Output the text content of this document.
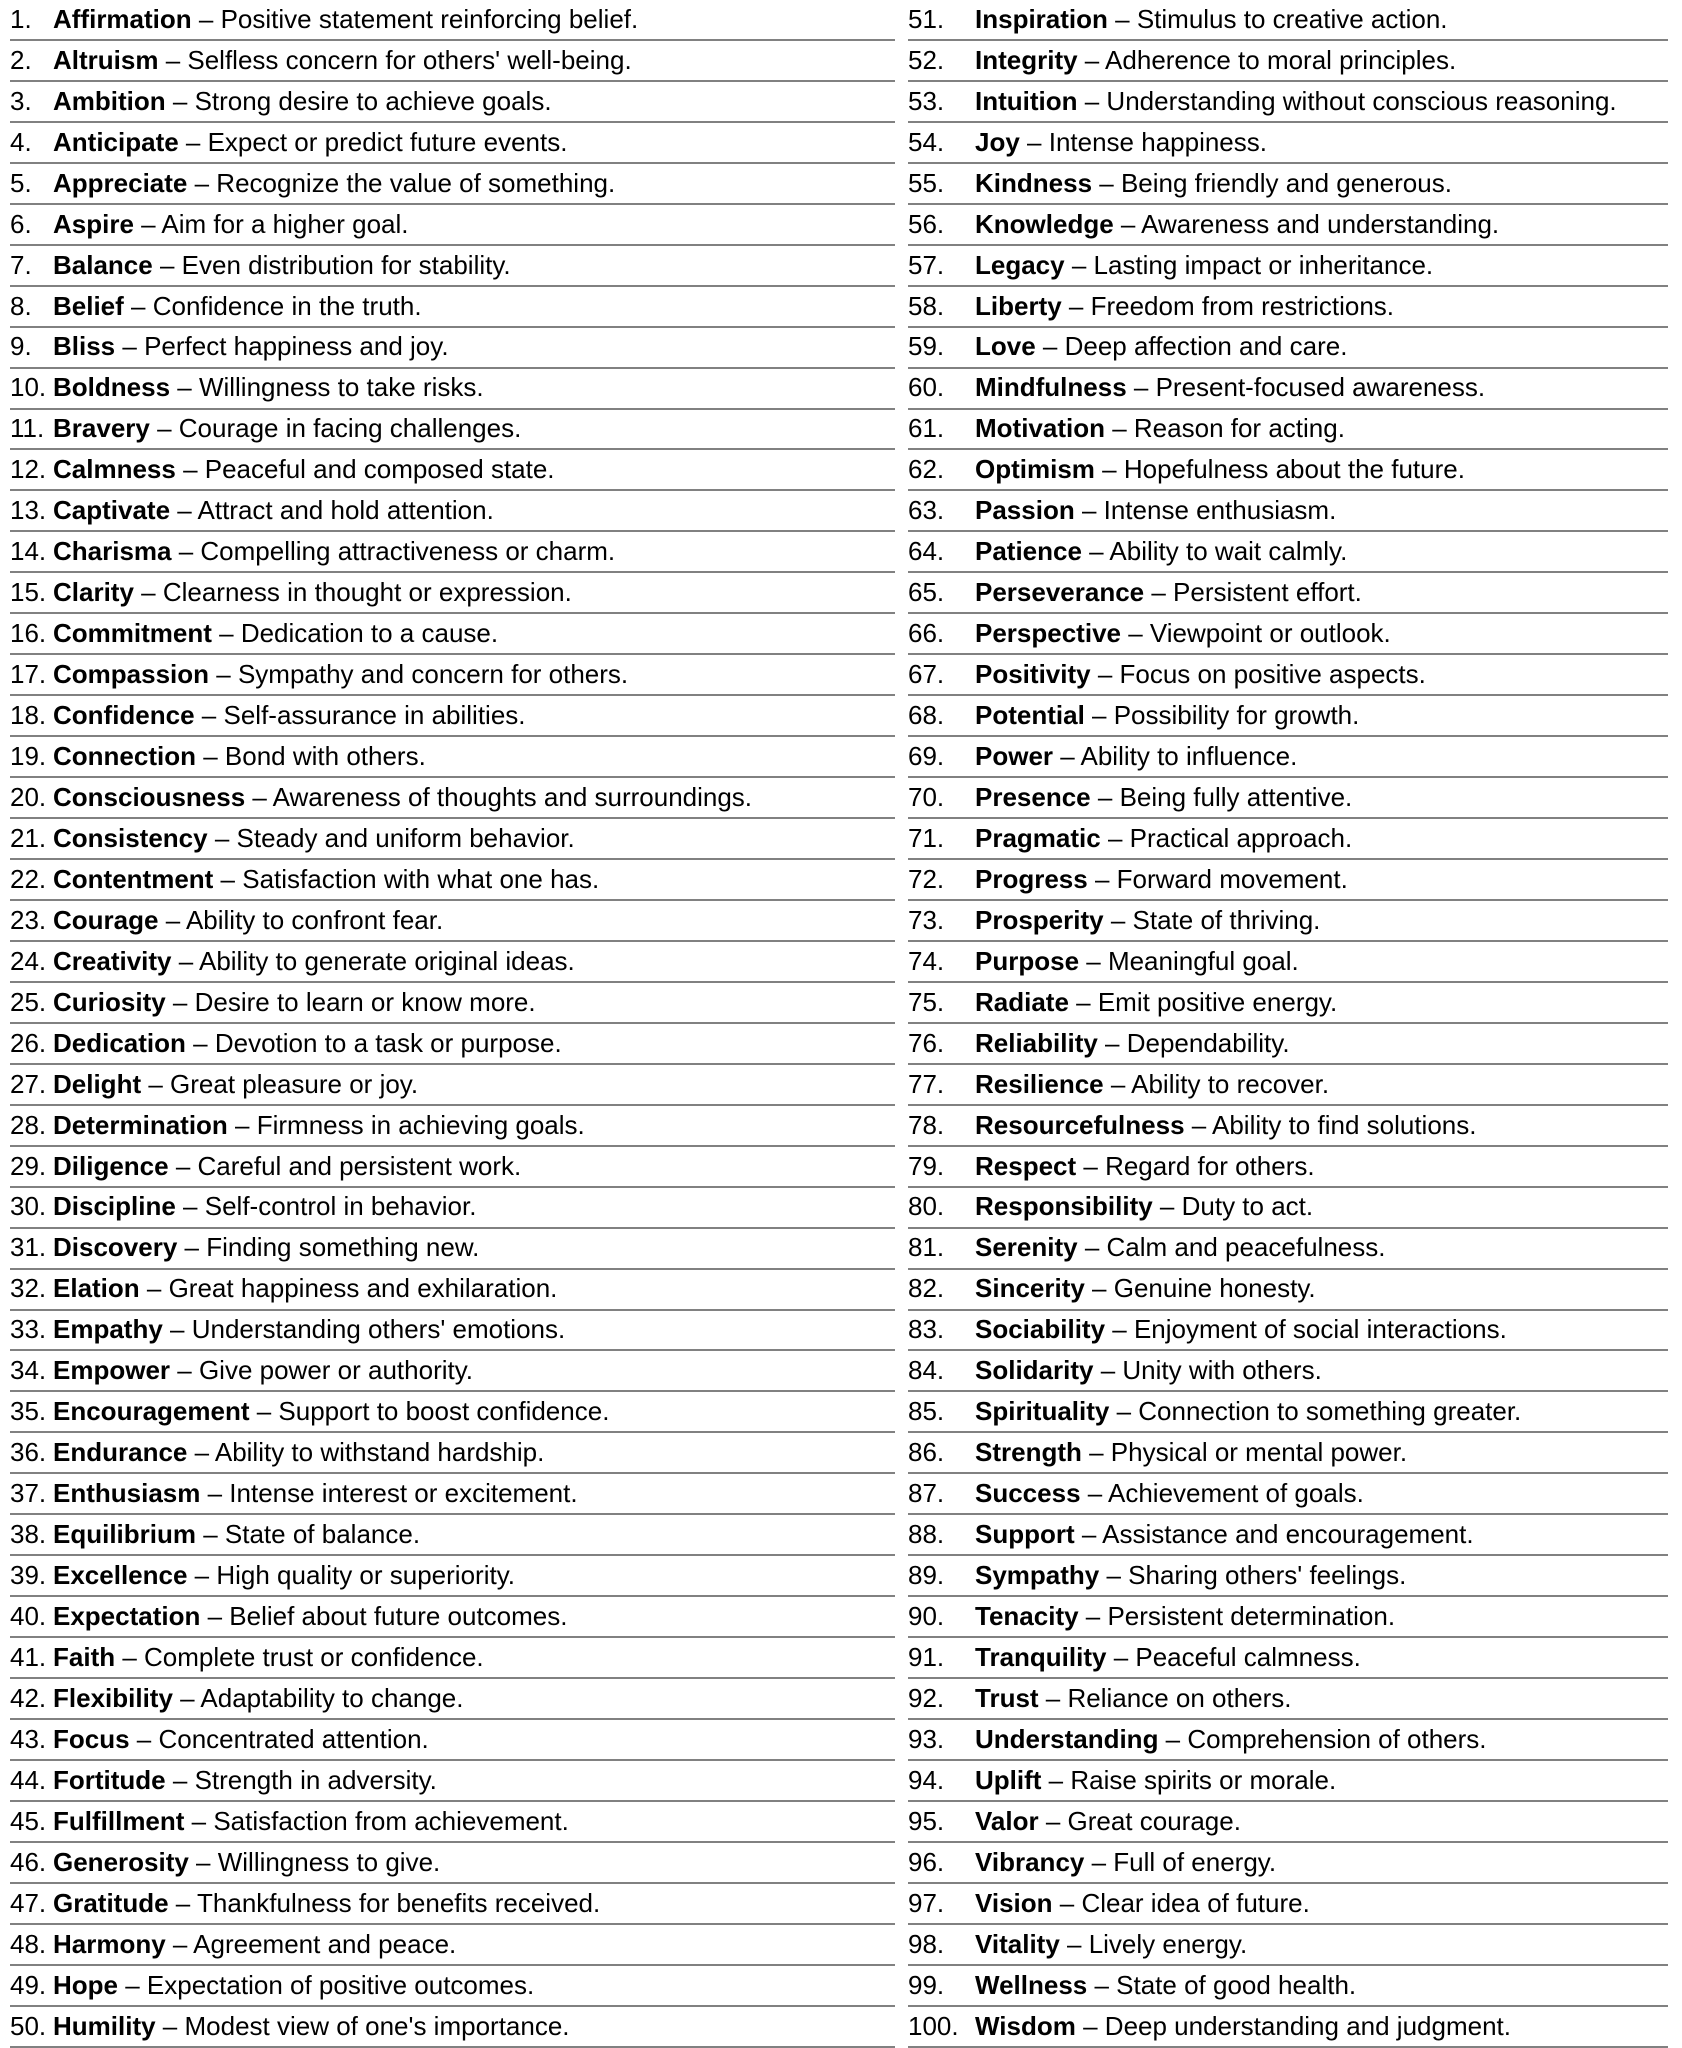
1. Affirmation – Positive statement reinforcing belief.
2. Altruism – Selfless concern for others' well-being.
3. Ambition – Strong desire to achieve goals.
4. Anticipate – Expect or predict future events.
5. Appreciate – Recognize the value of something.
6. Aspire – Aim for a higher goal.
7. Balance – Even distribution for stability.
8. Belief – Confidence in the truth.
9. Bliss – Perfect happiness and joy.
10. Boldness – Willingness to take risks.
11. Bravery – Courage in facing challenges.
12. Calmness – Peaceful and composed state.
13. Captivate – Attract and hold attention.
14. Charisma – Compelling attractiveness or charm.
15. Clarity – Clearness in thought or expression.
16. Commitment – Dedication to a cause.
17. Compassion – Sympathy and concern for others.
18. Confidence – Self-assurance in abilities.
19. Connection – Bond with others.
20. Consciousness – Awareness of thoughts and surroundings.
21. Consistency – Steady and uniform behavior.
22. Contentment – Satisfaction with what one has.
23. Courage – Ability to confront fear.
24. Creativity – Ability to generate original ideas.
25. Curiosity – Desire to learn or know more.
26. Dedication – Devotion to a task or purpose.
27. Delight – Great pleasure or joy.
28. Determination – Firmness in achieving goals.
29. Diligence – Careful and persistent work.
30. Discipline – Self-control in behavior.
31. Discovery – Finding something new.
32. Elation – Great happiness and exhilaration.
33. Empathy – Understanding others' emotions.
34. Empower – Give power or authority.
35. Encouragement – Support to boost confidence.
36. Endurance – Ability to withstand hardship.
37. Enthusiasm – Intense interest or excitement.
38. Equilibrium – State of balance.
39. Excellence – High quality or superiority.
40. Expectation – Belief about future outcomes.
41. Faith – Complete trust or confidence.
42. Flexibility – Adaptability to change.
43. Focus – Concentrated attention.
44. Fortitude – Strength in adversity.
45. Fulfillment – Satisfaction from achievement.
46. Generosity – Willingness to give.
47. Gratitude – Thankfulness for benefits received.
48. Harmony – Agreement and peace.
49. Hope – Expectation of positive outcomes.
50. Humility – Modest view of one's importance.
51.	Inspiration – Stimulus to creative action.
52.	Integrity – Adherence to moral principles.
53.	Intuition – Understanding without conscious reasoning.
54.	Joy – Intense happiness.
55.	Kindness – Being friendly and generous.
56.	Knowledge – Awareness and understanding.
57.	Legacy – Lasting impact or inheritance.
58.	Liberty – Freedom from restrictions.
59.	Love – Deep affection and care.
60.	Mindfulness – Present-focused awareness.
61.	Motivation – Reason for acting.
62.	Optimism – Hopefulness about the future.
63.	Passion – Intense enthusiasm.
64.	Patience – Ability to wait calmly.
65.	Perseverance – Persistent effort.
66.	Perspective – Viewpoint or outlook.
67.	Positivity – Focus on positive aspects.
68.	Potential – Possibility for growth.
69.	Power – Ability to influence.
70.	Presence – Being fully attentive.
71.	Pragmatic – Practical approach.
72.	Progress – Forward movement.
73.	Prosperity – State of thriving.
74.	Purpose – Meaningful goal.
75.	Radiate – Emit positive energy.
76.	Reliability – Dependability.
77.	Resilience – Ability to recover.
78.	Resourcefulness – Ability to find solutions.
79.	Respect – Regard for others.
80.	Responsibility – Duty to act.
81.	Serenity – Calm and peacefulness.
82.	Sincerity – Genuine honesty.
83.	Sociability – Enjoyment of social interactions.
84.	Solidarity – Unity with others.
85.	Spirituality – Connection to something greater.
86.	Strength – Physical or mental power.
87.	Success – Achievement of goals.
88.	Support – Assistance and encouragement.
89.	Sympathy – Sharing others' feelings.
90.	Tenacity – Persistent determination.
91.	Tranquility – Peaceful calmness.
92.	Trust – Reliance on others.
93.	Understanding – Comprehension of others.
94.	Uplift – Raise spirits or morale.
95.	Valor – Great courage.
96.	Vibrancy – Full of energy.
97.	Vision – Clear idea of future.
98.	Vitality – Lively energy.
99.	Wellness – State of good health.
100. Wisdom – Deep understanding and judgment.
